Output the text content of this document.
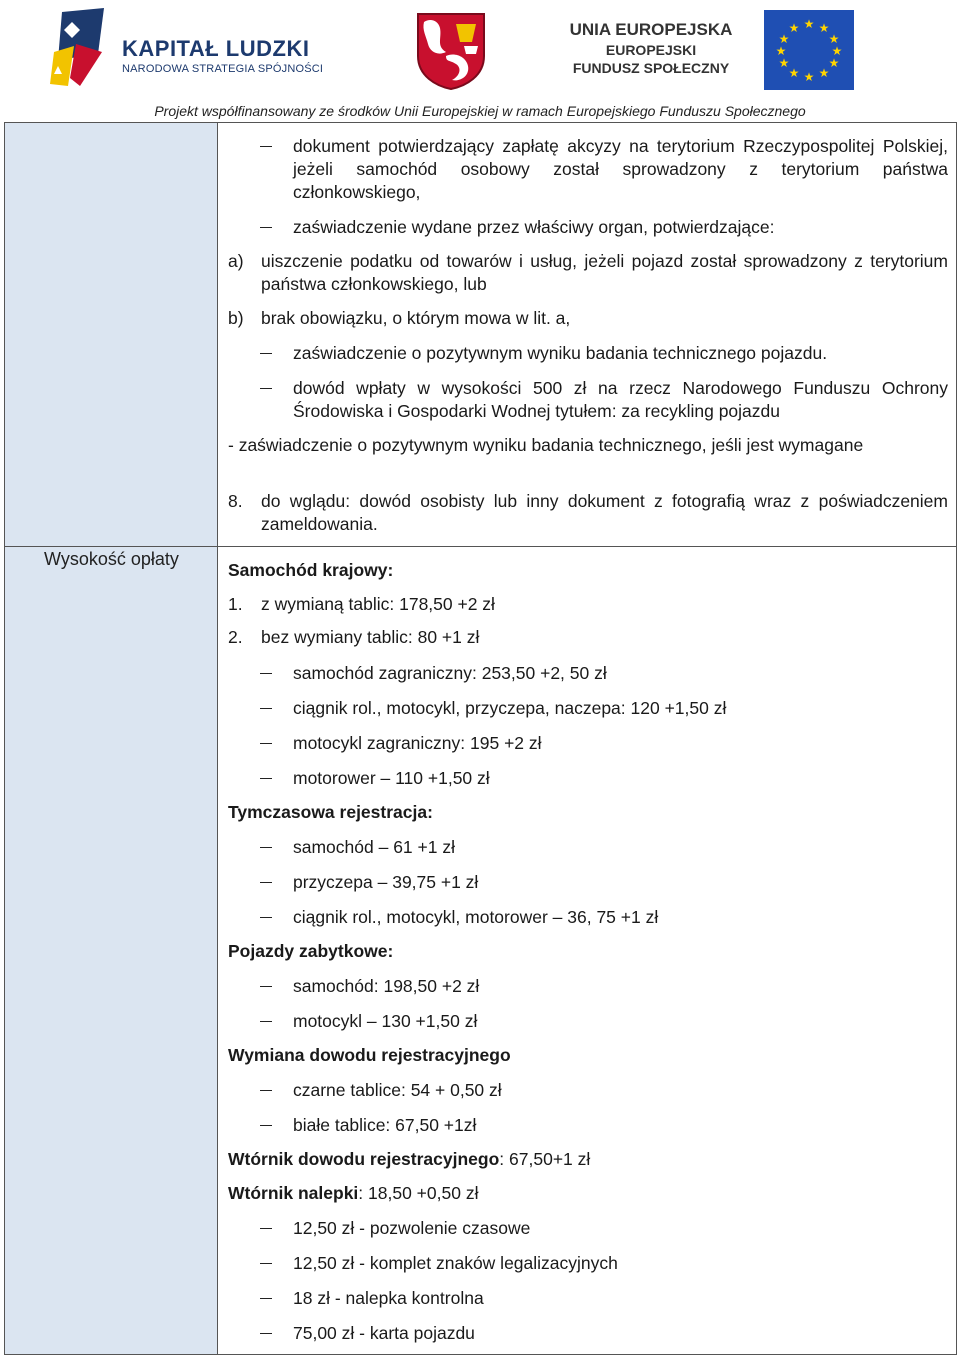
KAPITAŁ LUDZKI
NARODOWA STRATEGIA SPÓJNOŚCI
UNIA EUROPEJSKA
EUROPEJSKI
FUNDUSZ SPOŁECZNY
★ ★
★
★
★
★
★
★
★
★
★
★
Projekt współfinansowany ze środków Unii Europejskiej w ramach Europejskiego Funduszu Społecznego
Wysokość opłaty
dokument potwierdzający zapłatę akcyzy na terytorium Rzeczypospolitej Polskiej, jeżeli samochód osobowy został sprowadzony z terytorium państwa członkowskiego,
zaświadczenie wydane przez właściwy organ, potwierdzające:
a) uiszczenie podatku od towarów i usług, jeżeli pojazd został sprowadzony z terytorium państwa członkowskiego, lub
b) brak obowiązku, o którym mowa w lit. a,
zaświadczenie o pozytywnym wyniku badania technicznego pojazdu.
dowód wpłaty w wysokości 500 zł na rzecz Narodowego Funduszu Ochrony Środowiska i Gospodarki Wodnej tytułem: za recykling pojazdu
- zaświadczenie o pozytywnym wyniku badania technicznego, jeśli jest wymagane
8. do wglądu: dowód osobisty lub inny dokument z fotografią wraz z poświadczeniem zameldowania.
Samochód krajowy:
1. z wymianą tablic: 178,50 +2 zł
2. bez wymiany tablic: 80 +1 zł
samochód zagraniczny: 253,50 +2, 50 zł
ciągnik rol., motocykl, przyczepa, naczepa: 120 +1,50 zł
motocykl zagraniczny: 195 +2 zł
motorower – 110 +1,50 zł
Tymczasowa rejestracja:
samochód – 61 +1 zł
przyczepa – 39,75 +1 zł
ciągnik rol., motocykl, motorower – 36, 75 +1 zł
Pojazdy zabytkowe:
samochód: 198,50 +2 zł
motocykl – 130 +1,50 zł
Wymiana dowodu rejestracyjnego
czarne tablice: 54 + 0,50 zł
białe tablice: 67,50 +1zł
Wtórnik dowodu rejestracyjnego: 67,50+1 zł
Wtórnik nalepki: 18,50 +0,50 zł
12,50 zł - pozwolenie czasowe
12,50 zł - komplet znaków legalizacyjnych
18 zł - nalepka kontrolna
75,00 zł - karta pojazdu
